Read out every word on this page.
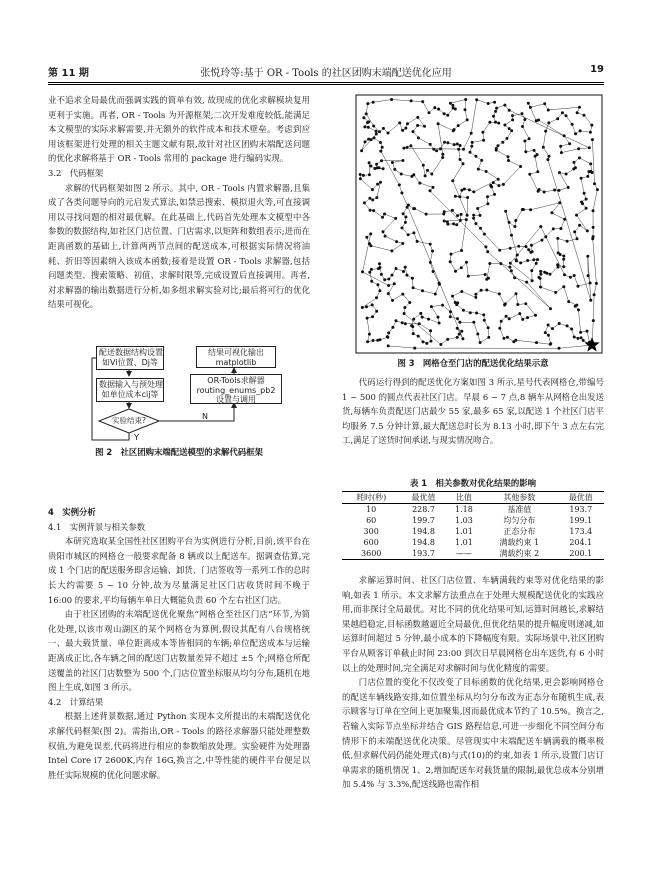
第 11 期	张悦玲等:基于 OR - Tools 的社区团购末端配送优化应用	19

业不追求全局最优而强调实践的简单有效, 故现成的优化求解模块复用更利于实施。再者, OR - Tools 为开源框架,二次开发难度较低,能满足本文模型的实际求解需要,并无额外的软件成本和技术壁垒。考虑到应用该框架进行处理的相关主题文献有限,故针对社区团购末端配送问题的优化求解将基于 OR - Tools 常用的 package 进行编码实现。

3.2　代码框架

求解的代码框架如图 2 所示。其中, OR - Tools 内置求解器,且集成了各类问题导向的元启发式算法,如禁忌搜索、模拟退火等,可直接调用以寻找问题的相对最优解。在此基础上,代码首先处理本文模型中各参数的数据结构,如社区门店位置、门店需求,以矩阵和数组表示;进而在距离函数的基础上,计算两两节点间的配送成本,可根据实际情况将油耗、折旧等因素纳入该成本函数;接着是设置 OR - Tools 求解器,包括问题类型、搜索策略、初值、求解时限等,完成设置后直接调用。再者,对求解器的输出数据进行分析,如多组求解实验对比;最后将可行的优化结果可视化。

配送数据结构设置
如Vi位置、Dj等
数据输入与预处理
如单位成本cij等
结果可视化输出
matplotlib
OR-Tools求解器
routing_enums_pb2
设置与调用
实验结束?	N
Y
图 2　社区团购末端配送模型的求解代码框架

4　实例分析

4.1　实例背景与相关参数

本研究选取某全国性社区团购平台为实例进行分析,目前,该平台在贵阳市城区的网格仓一般要求配备 8 辆或以上配送车。据调查估算,完成 1 个门店的配送服务即含运输、卸货、门店签收等一系列工作的总时长大约需要 5 ~ 10 分钟,故为尽量满足社区门店收货时间不晚于 16:00 的要求,平均每辆车单日大概能负责 60 个左右社区门店。

由于社区团购的末端配送优化聚焦“网格仓至社区门店”环节,为简化处理,以该市观山湖区的某个网格仓为算例,假设其配有八台规格统一、最大载货量、单位距离成本等皆相同的车辆;单位配送成本与运输距离成正比,各车辆之间的配送门店数量差异不超过 ±5 个;网格仓所配送覆盖的社区门店数整为 500 个,门店位置坐标服从均匀分布,随机在地图上生成,如图 3 所示。

4.2　计算结果

根据上述背景数据,通过 Python 实现本文所提出的末端配送优化求解代码框架(图 2)。需指出,OR - Tools 的路径求解器只能处理整数权值,为避免误差,代码将进行相应的参数缩放处理。实验硬件为处理器 Intel Core i7 2600K,内存 16G,换言之,中等性能的硬件平台便足以胜任实际规模的优化问题求解。

图 3　网格仓至门店的配送优化结果示意

代码运行得到的配送优化方案如图 3 所示,星号代表网格仓,带编号 1 ~ 500 的圆点代表社区门店。早晨 6 ~ 7 点,8 辆车从网格仓出发送货,每辆车负责配送门店最少 55 家,最多 65 家,以配送 1 个社区门店平均服务 7.5 分钟计算,最大配送总时长为 8.13 小时,即下午 3 点左右完工,满足了送货时间承诺,与现实情况吻合。

表 1　相关参数对优化结果的影响
耗时(秒)	最优值	比值	其他参数	最优值
10	228.7	1.18	基准值	193.7
60	199.7	1.03	均匀分布	199.1
300	194.8	1.01	正态分布	173.4
600	194.8	1.01	满载约束 1	204.1
3600	193.7	——	满载约束 2	200.1

求解运算时间、社区门店位置、车辆满载约束等对优化结果的影响,如表 1 所示。本文求解方法重点在于处理大规模配送优化的实践应用,而非探讨全局最优。对比不同的优化结果可知,运算时间越长,求解结果越趋稳定,目标函数越逼近全局最优,但优化结果的提升幅度则递减,如运算时间超过 5 分钟,最小成本的下降幅度有限。实际场景中,社区团购平台从顾客订单截止时间 23:00 到次日早晨网格仓出车送货,有 6 小时以上的处理时间,完全满足对求解时间与优化精度的需要。

门店位置的变化不仅改变了目标函数的优化结果,更会影响网格仓的配送车辆线路安排,如位置坐标从均匀分布改为正态分布随机生成,表示顾客与订单在空间上更加聚集,因而最优成本节约了 10.5%。换言之,若输入实际节点坐标并结合 GIS 路程信息,可进一步细化不同空间分布情形下的末端配送优化决策。尽管现实中末端配送车辆满载的概率极低,但求解代码仍能处理式(8)与式(10)的约束,如表 1 所示,设置门店订单需求的随机情况 1、2,增加配送车对载货量的限制,最优总成本分别增加 5.4% 与 3.3%,配送线路也需作相
